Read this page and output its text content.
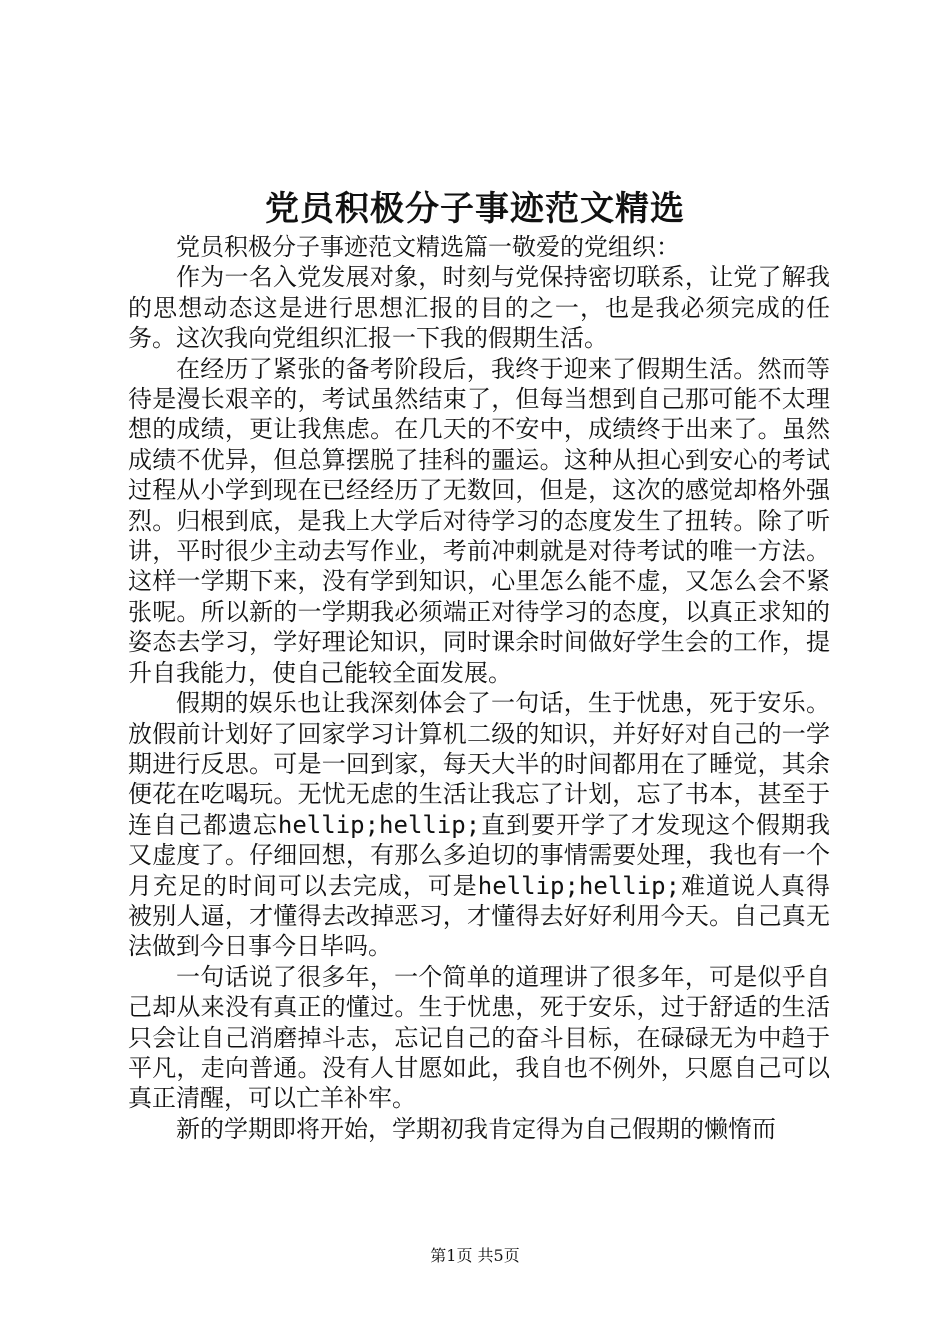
党员积极分子事迹范文精选

党员积极分子事迹范文精选篇一敬爱的党组织：

作为一名入党发展对象，时刻与党保持密切联系，让党了解我的思想动态这是进行思想汇报的目的之一，也是我必须完成的任务。这次我向党组织汇报一下我的假期生活。

在经历了紧张的备考阶段后，我终于迎来了假期生活。然而等待是漫长艰辛的，考试虽然结束了，但每当想到自己那可能不太理想的成绩，更让我焦虑。在几天的不安中，成绩终于出来了。虽然成绩不优异，但总算摆脱了挂科的噩运。这种从担心到安心的考试过程从小学到现在已经经历了无数回，但是，这次的感觉却格外强烈。归根到底，是我上大学后对待学习的态度发生了扭转。除了听讲，平时很少主动去写作业，考前冲刺就是对待考试的唯一方法。这样一学期下来，没有学到知识，心里怎么能不虚，又怎么会不紧张呢。所以新的一学期我必须端正对待学习的态度，以真正求知的姿态去学习，学好理论知识，同时课余时间做好学生会的工作，提升自我能力，使自己能较全面发展。

假期的娱乐也让我深刻体会了一句话，生于忧患，死于安乐。放假前计划好了回家学习计算机二级的知识，并好好对自己的一学期进行反思。可是一回到家，每天大半的时间都用在了睡觉，其余便花在吃喝玩。无忧无虑的生活让我忘了计划，忘了书本，甚至于连自己都遗忘hellip;hellip;直到要开学了才发现这个假期我又虚度了。仔细回想，有那么多迫切的事情需要处理，我也有一个月充足的时间可以去完成，可是hellip;hellip;难道说人真得被别人逼，才懂得去改掉恶习，才懂得去好好利用今天。自己真无法做到今日事今日毕吗。

一句话说了很多年，一个简单的道理讲了很多年，可是似乎自己却从来没有真正的懂过。生于忧患，死于安乐，过于舒适的生活只会让自己消磨掉斗志，忘记自己的奋斗目标，在碌碌无为中趋于平凡，走向普通。没有人甘愿如此，我自也不例外，只愿自己可以真正清醒，可以亡羊补牢。

新的学期即将开始，学期初我肯定得为自己假期的懒惰而

第1页 共5页
